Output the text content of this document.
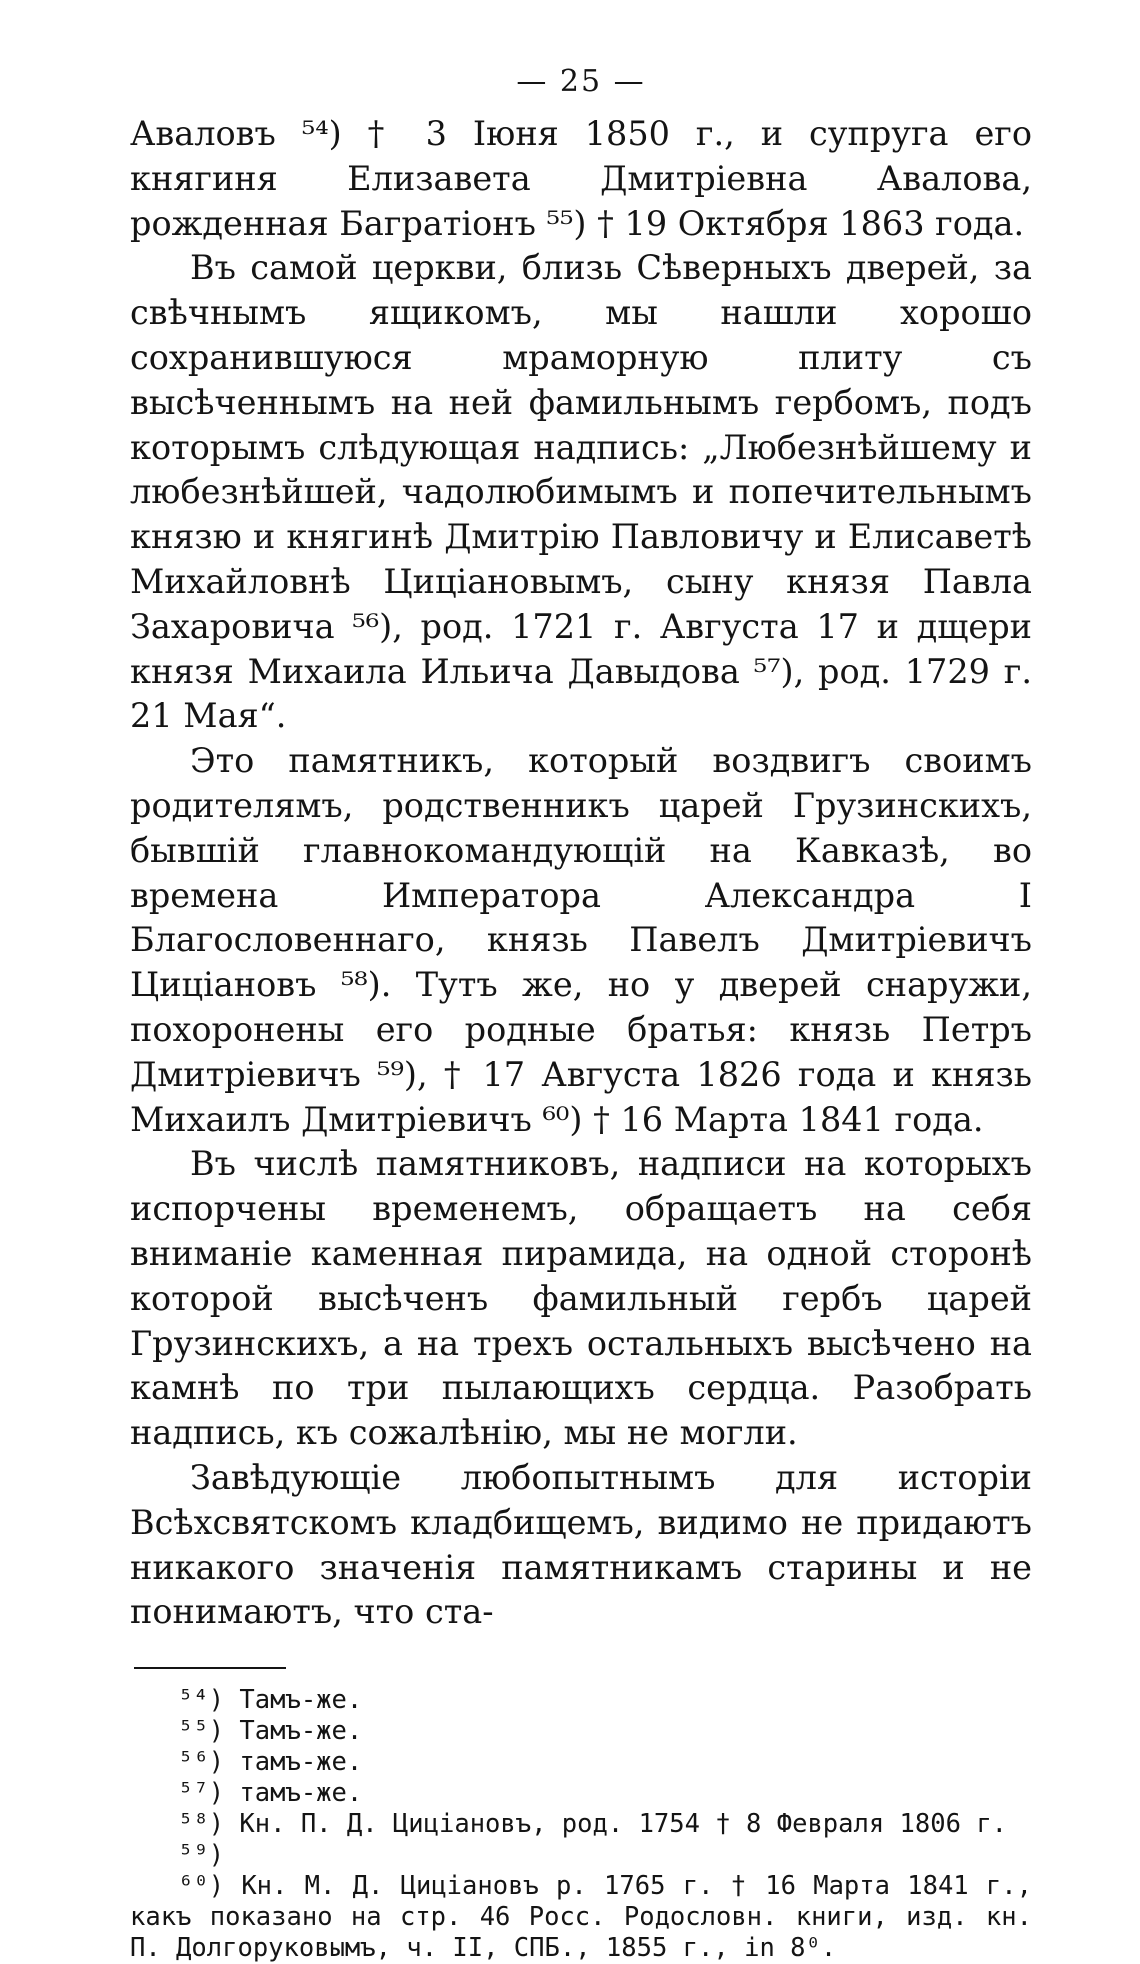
— 25 —

Аваловъ ⁵⁴) † 3 Іюня 1850 г., и супруга его княгиня Елизавета Дмитріевна Авалова, рожденная Багратіонъ ⁵⁵) † 19 Октября 1863 года.

Въ самой церкви, близь Сѣверныхъ дверей, за свѣчнымъ ящикомъ, мы нашли хорошо сохранившуюся мраморную плиту съ высѣченнымъ на ней фамильнымъ гербомъ, подъ которымъ слѣдующая надпись: „Любезнѣйшему и любезнѣйшей, чадолюбимымъ и попечительнымъ князю и княгинѣ Дмитрію Павловичу и Елисаветѣ Михайловнѣ Цицiановымъ, сыну князя Павла Захаровича ⁵⁶), род. 1721 г. Августа 17 и дщери князя Михаила Ильича Давыдова ⁵⁷), род. 1729 г. 21 Мая“.

Это памятникъ, который воздвигъ своимъ родителямъ, родственникъ царей Грузинскихъ, бывшій главнокомандующій на Кавказѣ, во времена Императора Александра I Благословеннаго, князь Павелъ Дмитріевичъ Цицiановъ ⁵⁸). Тутъ же, но у дверей снаружи, похоронены его родные братья: князь Петръ Дмитріевичъ ⁵⁹), † 17 Августа 1826 года и князь Михаилъ Дмитріевичъ ⁶⁰) † 16 Марта 1841 года.

Въ числѣ памятниковъ, надписи на которыхъ испорчены временемъ, обращаетъ на себя вниманіе каменная пирамида, на одной сторонѣ которой высѣченъ фамильный гербъ царей Грузинскихъ, а на трехъ остальныхъ высѣчено на камнѣ по три пылающихъ сердца. Разобрать надпись, къ сожалѣнію, мы не могли.

Завѣдующіе любопытнымъ для исторіи Всѣхсвятскомъ кладбищемъ, видимо не придаютъ никакого значенія памятникамъ старины и не понимаютъ, что ста-

⁵⁴) Тамъ-же.

⁵⁵) Тамъ-же.

⁵⁶) тамъ-же.

⁵⁷) тамъ-же.

⁵⁸) Кн. П. Д. Цицiановъ, род. 1754 † 8 Февраля 1806 г.

⁵⁹)

⁶⁰) Кн. М. Д. Цицiановъ р. 1765 г. † 16 Марта 1841 г., какъ показано на стр. 46 Росс. Родословн. книги, изд. кн. П. Долгоруковымъ, ч. II, СПБ., 1855 г., in 8⁰.
